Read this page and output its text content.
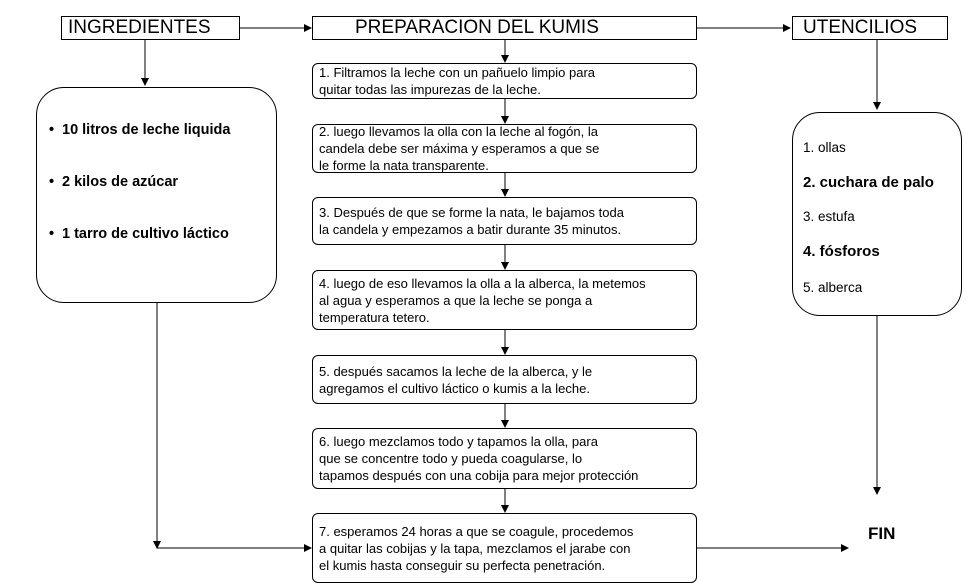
INGREDIENTES	PREPARACION DEL KUMIS	UTENCILIOS
• 10 litros de leche liquida
• 2 kilos de azúcar
• 1 tarro de cultivo láctico
1. Filtramos la leche con un pañuelo limpio para
quitar todas las impurezas de la leche.
2. luego llevamos la olla con la leche al fogón, la
candela debe ser máxima y esperamos a que se
le forme la nata transparente.
3. Después de que se forme la nata, le bajamos toda
la candela y empezamos a batir durante 35 minutos.
4. luego de eso llevamos la olla a la alberca, la metemos
al agua y esperamos a que la leche se ponga a
temperatura tetero.
5. después sacamos la leche de la alberca, y le
agregamos el cultivo láctico o kumis a la leche.
6. luego mezclamos todo y tapamos la olla, para
que se concentre todo y pueda coagularse, lo
tapamos después con una cobija para mejor protección
7. esperamos 24 horas a que se coagule, procedemos
a quitar las cobijas y la tapa, mezclamos el jarabe con
el kumis hasta conseguir su perfecta penetración.
1. ollas
2. cuchara de palo
3. estufa
4. fósforos
5. alberca
FIN
